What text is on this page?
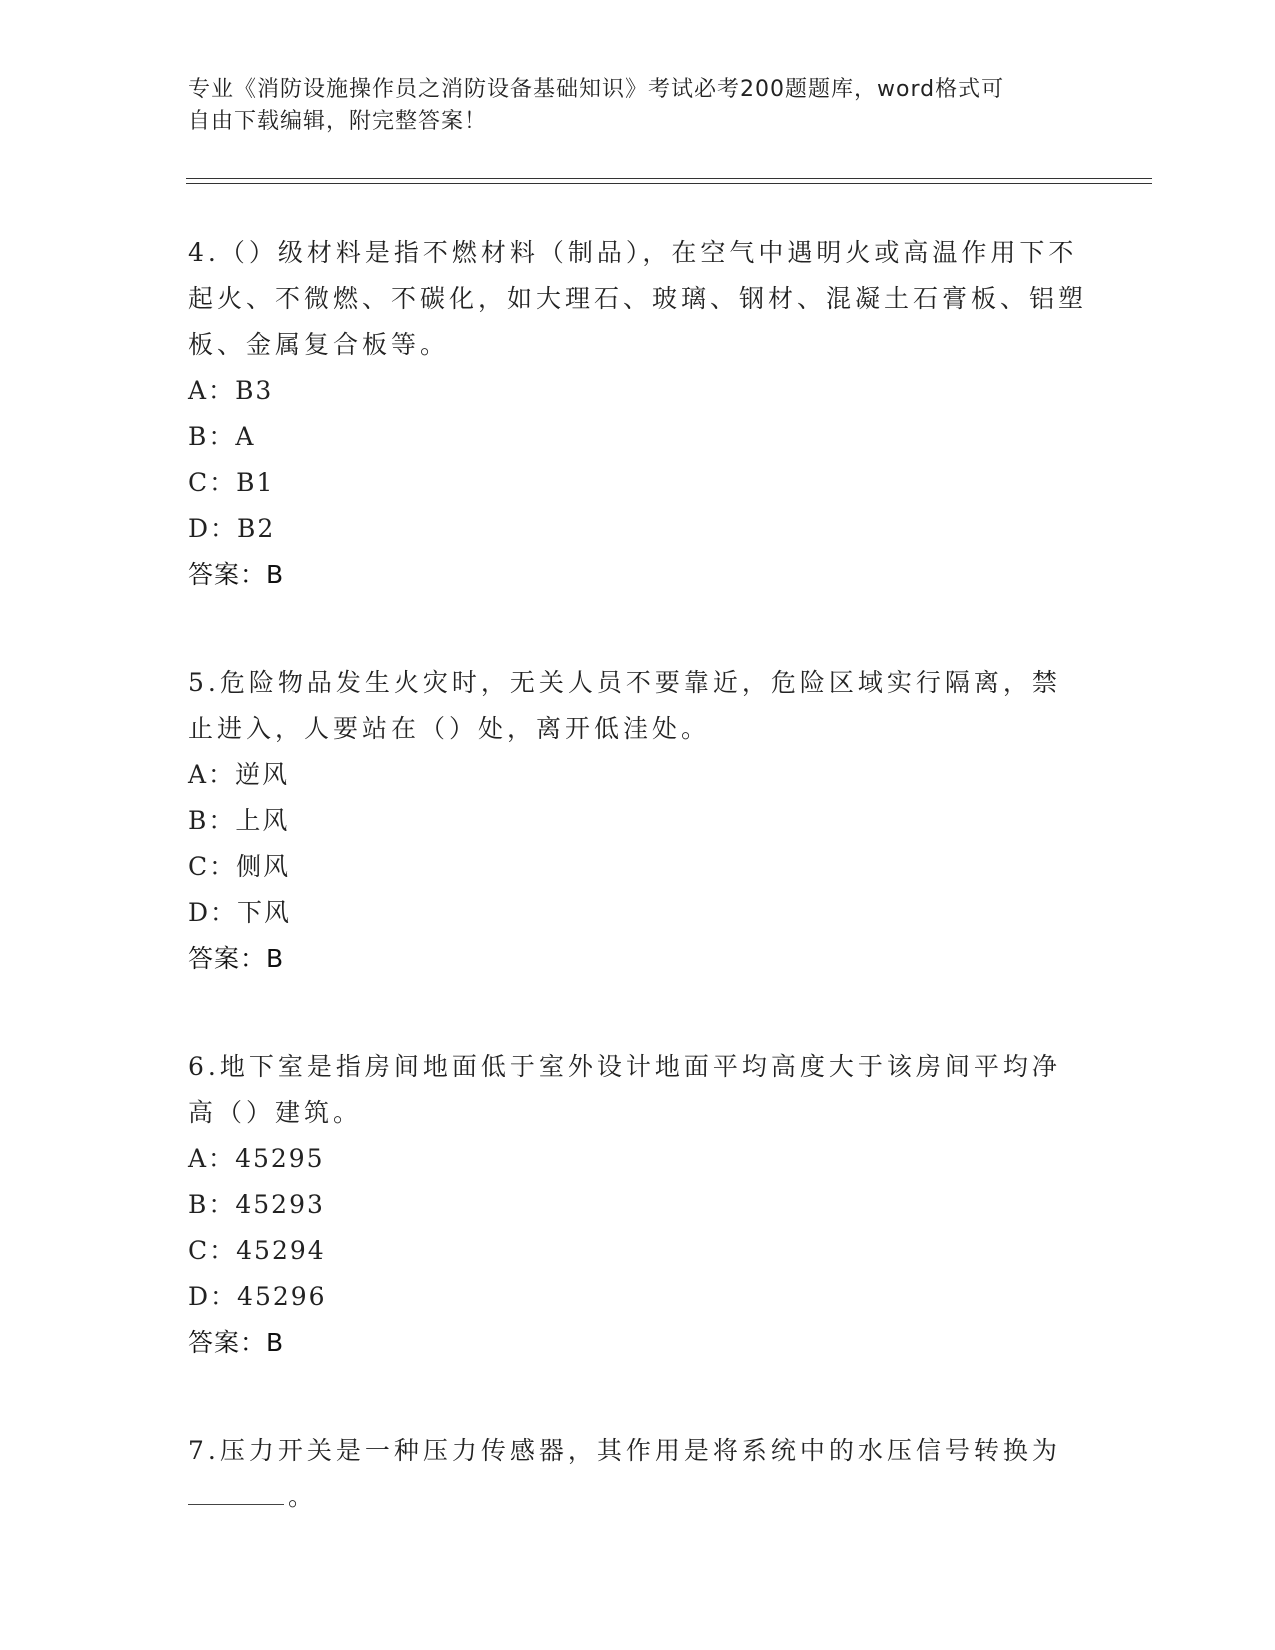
专业《消防设施操作员之消防设备基础知识》考试必考200题题库，word格式可
自由下载编辑，附完整答案！

4.（）级材料是指不燃材料（制品），在空气中遇明火或高温作用下不起火、不微燃、不碳化，如大理石、玻璃、钢材、混凝土石膏板、铝塑板、金属复合板等。

A：B3

B：A

C：B1

D：B2

答案：B

5.危险物品发生火灾时，无关人员不要靠近，危险区域实行隔离，禁止进入，人要站在（）处，离开低洼处。

A：逆风

B：上风

C：侧风

D：下风

答案：B

6.地下室是指房间地面低于室外设计地面平均高度大于该房间平均净高（）建筑。

A：45295

B：45293

C：45294

D：45296

答案：B

7.压力开关是一种压力传感器，其作用是将系统中的水压信号转换为

。
